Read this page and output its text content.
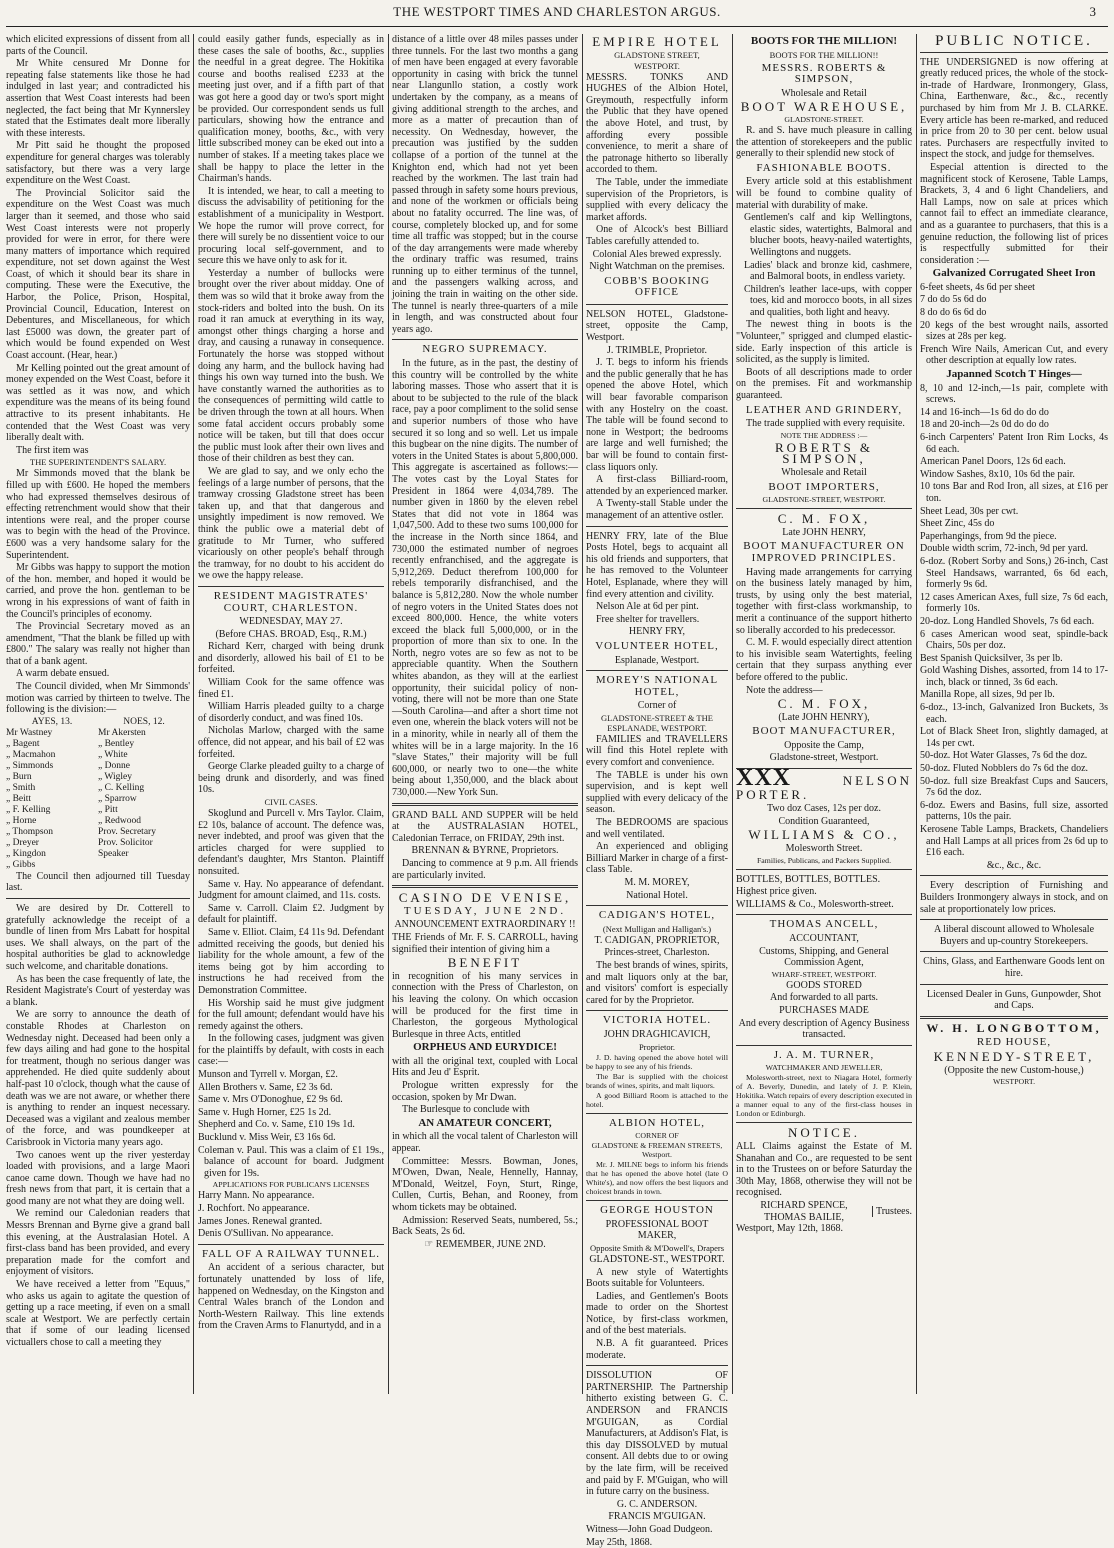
THE WESTPORT TIMES AND CHARLESTON ARGUS.	3

which elicited expressions of dissent from all parts of the Council.

Mr White censured Mr Donne for repeating false statements like those he had indulged in last year; and contradicted his assertion that West Coast interests had been neglected, the fact being that Mr Kynnersley stated that the Estimates dealt more liberally with these interests.

Mr Pitt said he thought the proposed expenditure for general charges was tolerably satisfactory, but there was a very large expenditure on the West Coast.

The Provincial Solicitor said the expenditure on the West Coast was much larger than it seemed, and those who said West Coast interests were not properly provided for were in error, for there were many matters of importance which required expenditure, not set down against the West Coast, of which it should bear its share in computing. These were the Executive, the Harbor, the Police, Prison, Hospital, Provincial Council, Education, Interest on Debentures, and Miscellaneous, for which last £5000 was down, the greater part of which would be found expended on West Coast account. (Hear, hear.)

Mr Kelling pointed out the great amount of money expended on the West Coast, before it was settled as it was now, and which expenditure was the means of its being found attractive to its present inhabitants. He contended that the West Coast was very liberally dealt with.

The first item was

THE SUPERINTENDENT'S SALARY.

Mr Simmonds moved that the blank be filled up with £600. He hoped the members who had expressed themselves desirous of effecting retrenchment would show that their intentions were real, and the proper course was to begin with the head of the Province. £600 was a very handsome salary for the Superintendent.

Mr Gibbs was happy to support the motion of the hon. member, and hoped it would be carried, and prove the hon. gentleman to be wrong in his expressions of want of faith in the Council's principles of economy.

The Provincial Secretary moved as an amendment, "That the blank be filled up with £800." The salary was really not higher than that of a bank agent.

A warm debate ensued.

The Council divided, when Mr Simmonds' motion was carried by thirteen to twelve. The following is the division:—

AYES, 13.
Mr Wastney
„ Bagent
„ Macmahon
„ Simmonds
„ Burn
„ Smith
„ Beitt
„ F. Kelling
„ Horne
„ Thompson
„ Dreyer
„ Kingdon
„ Gibbs
NOES, 12.
Mr Akersten
„ Bentley
„ White
„ Donne
„ Wigley
„ C. Kelling
„ Sparrow
„ Pitt
„ Redwood
Prov. Secretary
Prov. Solicitor
Speaker

The Council then adjourned till Tuesday last.

We are desired by Dr. Cotterell to gratefully acknowledge the receipt of a bundle of linen from Mrs Labatt for hospital uses. We shall always, on the part of the hospital authorities be glad to acknowledge such welcome, and charitable donations.

As has been the case frequently of late, the Resident Magistrate's Court of yesterday was a blank.

We are sorry to announce the death of constable Rhodes at Charleston on Wednesday night. Deceased had been only a few days ailing and had gone to the hospital for treatment, though no serious danger was apprehended. He died quite suddenly about half-past 10 o'clock, though what the cause of death was we are not aware, or whether there is anything to render an inquest necessary. Deceased was a vigilant and zealous member of the force, and was poundkeeper at Carisbrook in Victoria many years ago.

Two canoes went up the river yesterday loaded with provisions, and a large Maori canoe came down. Though we have had no fresh news from that part, it is certain that a good many are not what they are doing well.

We remind our Caledonian readers that Messrs Brennan and Byrne give a grand ball this evening, at the Australasian Hotel. A first-class band has been provided, and every preparation made for the comfort and enjoyment of visitors.

We have received a letter from "Equus," who asks us again to agitate the question of getting up a race meeting, if even on a small scale at Westport. We are perfectly certain that if some of our leading licensed victuallers chose to call a meeting they

could easily gather funds, especially as in these cases the sale of booths, &c., supplies the needful in a great degree. The Hokitika course and booths realised £233 at the meeting just over, and if a fifth part of that was got here a good day or two's sport might be provided. Our correspondent sends us full particulars, showing how the entrance and qualification money, booths, &c., with very little subscribed money can be eked out into a number of stakes. If a meeting takes place we shall be happy to place the letter in the Chairman's hands.

It is intended, we hear, to call a meeting to discuss the advisability of petitioning for the establishment of a municipality in Westport. We hope the rumor will prove correct, for there will surely be no dissentient voice to our procuring local self-government, and to secure this we have only to ask for it.

Yesterday a number of bullocks were brought over the river about midday. One of them was so wild that it broke away from the stock-riders and bolted into the bush. On its road it ran amuck at everything in its way, amongst other things charging a horse and dray, and causing a runaway in consequence. Fortunately the horse was stopped without doing any harm, and the bullock having had things his own way turned into the bush. We have constantly warned the authorities as to the consequences of permitting wild cattle to be driven through the town at all hours. When some fatal accident occurs probably some notice will be taken, but till that does occur the public must look after their own lives and those of their children as best they can.

We are glad to say, and we only echo the feelings of a large number of persons, that the tramway crossing Gladstone street has been taken up, and that that dangerous and unsightly impediment is now removed. We think the public owe a material debt of gratitude to Mr Turner, who suffered vicariously on other people's behalf through the tramway, for no doubt to his accident do we owe the happy release.

RESIDENT MAGISTRATES' COURT, CHARLESTON.

WEDNESDAY, MAY 27.

(Before CHAS. BROAD, Esq., R.M.)

Richard Kerr, charged with being drunk and disorderly, allowed his bail of £1 to be forfeited.

William Cook for the same offence was fined £1.

William Harris pleaded guilty to a charge of disorderly conduct, and was fined 10s.

Nicholas Marlow, charged with the same offence, did not appear, and his bail of £2 was forfeited.

George Clarke pleaded guilty to a charge of being drunk and disorderly, and was fined 10s.

CIVIL CASES.

Skoglund and Purcell v. Mrs Taylor. Claim, £2 10s, balance of account. The defence was, never indebted, and proof was given that the articles charged for were supplied to defendant's daughter, Mrs Stanton. Plaintiff nonsuited.

Same v. Hay. No appearance of defendant. Judgment for amount claimed, and 11s. costs.

Same v. Carroll. Claim £2. Judgment by default for plaintiff.

Same v. Elliot. Claim, £4 11s 9d. Defendant admitted receiving the goods, but denied his liability for the whole amount, a few of the items being got by him according to instructions he had received from the Demonstration Committee.

His Worship said he must give judgment for the full amount; defendant would have his remedy against the others.

In the following cases, judgment was given for the plaintiffs by default, with costs in each case:—

Munson and Tyrrell v. Morgan, £2.

Allen Brothers v. Same, £2 3s 6d.

Same v. Mrs O'Donoghue, £2 9s 6d.

Same v. Hugh Horner, £25 1s 2d.

Shepherd and Co. v. Same, £10 19s 1d.

Bucklund v. Miss Weir, £3 16s 6d.

Coleman v. Paul. This was a claim of £1 19s., balance of account for board. Judgment given for 19s.

APPLICATIONS FOR PUBLICAN'S LICENSES

Harry Mann. No appearance.

J. Rochfort. No appearance.

James Jones. Renewal granted.

Denis O'Sullivan. No appearance.

FALL OF A RAILWAY TUNNEL.

An accident of a serious character, but fortunately unattended by loss of life, happened on Wednesday, on the Kingston and Central Wales branch of the London and North-Western Railway. This line extends from the Craven Arms to Flanurtydd, and in a

distance of a little over 48 miles passes under three tunnels. For the last two months a gang of men have been engaged at every favorable opportunity in casing with brick the tunnel near Llangunllo station, a costly work undertaken by the company, as a means of giving additional strength to the arches, and more as a matter of precaution than of necessity. On Wednesday, however, the precaution was justified by the sudden collapse of a portion of the tunnel at the Knighton end, which had not yet been reached by the workmen. The last train had passed through in safety some hours previous, and none of the workmen or officials being about no fatality occurred. The line was, of course, completely blocked up, and for some time all traffic was stopped; but in the course of the day arrangements were made whereby the ordinary traffic was resumed, trains running up to either terminus of the tunnel, and the passengers walking across, and joining the train in waiting on the other side. The tunnel is nearly three-quarters of a mile in length, and was constructed about four years ago.

NEGRO SUPREMACY.

In the future, as in the past, the destiny of this country will be controlled by the white laboring masses. Those who assert that it is about to be subjected to the rule of the black race, pay a poor compliment to the solid sense and superior numbers of those who have secured it so long and so well. Let us impale this bugbear on the nine digits. The number of voters in the United States is about 5,800,000. This aggregate is ascertained as follows:—The votes cast by the Loyal States for President in 1864 were 4,034,789. The number given in 1860 by the eleven rebel States that did not vote in 1864 was 1,047,500. Add to these two sums 100,000 for the increase in the North since 1864, and 730,000 the estimated number of negroes recently enfranchised, and the aggregate is 5,912,269. Deduct therefrom 100,000 for rebels temporarily disfranchised, and the balance is 5,812,280. Now the whole number of negro voters in the United States does not exceed 800,000. Hence, the white voters exceed the black full 5,000,000, or in the proportion of more than six to one. In the North, negro votes are so few as not to be appreciable quantity. When the Southern whites abandon, as they will at the earliest opportunity, their suicidal policy of non-voting, there will not be more than one State—South Carolina—and after a short time not even one, wherein the black voters will not be in a minority, while in nearly all of them the whites will be in a large majority. In the 16 "slave States," their majority will be full 600,000, or nearly two to one—the white being about 1,350,000, and the black about 730,000.—New York Sun.

GRAND BALL AND SUPPER will be held at the AUSTRALASIAN HOTEL, Caledonian Terrace, on FRIDAY, 29th inst.

BRENNAN & BYRNE, Proprietors.

Dancing to commence at 9 p.m. All friends are particularly invited.

CASINO DE VENISE,

TUESDAY, JUNE 2ND.

ANNOUNCEMENT EXTRAORDINARY !!

THE Friends of Mr. F. S. CARROLL, having signified their intention of giving him a

BENEFIT

in recognition of his many services in connection with the Press of Charleston, on his leaving the colony. On which occasion will be produced for the first time in Charleston, the gorgeous Mythological Burlesque in three Acts, entitled

ORPHEUS AND EURYDICE!

with all the original text, coupled with Local Hits and Jeu d' Esprit.

Prologue written expressly for the occasion, spoken by Mr Dwan.

The Burlesque to conclude with

AN AMATEUR CONCERT,

in which all the vocal talent of Charleston will appear.

Committee: Messrs. Bowman, Jones, M'Owen, Dwan, Neale, Hennelly, Hannay, M'Donald, Weitzel, Foyn, Sturt, Ringe, Cullen, Curtis, Behan, and Rooney, from whom tickets may be obtained.

Admission: Reserved Seats, numbered, 5s.; Back Seats, 2s 6d.

☞ REMEMBER, JUNE 2ND.

EMPIRE HOTEL

GLADSTONE STREET,

WESTPORT.

MESSRS. TONKS AND HUGHES of the Albion Hotel, Greymouth, respectfully inform the Public that they have opened the above Hotel, and trust, by affording every possible convenience, to merit a share of the patronage hitherto so liberally accorded to them.

The Table, under the immediate supervision of the Proprietors, is supplied with every delicacy the market affords.

One of Alcock's best Billiard Tables carefully attended to.

Colonial Ales brewed expressly.

Night Watchman on the premises.

COBB'S BOOKING OFFICE

NELSON HOTEL, Gladstone-street, opposite the Camp, Westport.

J. TRIMBLE, Proprietor.

J. T. begs to inform his friends and the public generally that he has opened the above Hotel, which will bear favorable comparison with any Hostelry on the coast. The table will be found second to none in Westport; the bedrooms are large and well furnished; the bar will be found to contain first-class liquors only.

A first-class Billiard-room, attended by an experienced marker.

A Twenty-stall Stable under the management of an attentive ostler.

HENRY FRY, late of the Blue Posts Hotel, begs to acquaint all his old friends and supporters, that he has removed to the Volunteer Hotel, Esplanade, where they will find every attention and civility.

Nelson Ale at 6d per pint.

Free shelter for travellers.

HENRY FRY,

VOLUNTEER HOTEL,

Esplanade, Westport.

MOREY'S NATIONAL HOTEL,

Corner of

GLADSTONE-STREET & THE ESPLANADE, WESTPORT.

FAMILIES and TRAVELLERS will find this Hotel replete with every comfort and convenience.

The TABLE is under his own supervision, and is kept well supplied with every delicacy of the season.

The BEDROOMS are spacious and well ventilated.

An experienced and obliging Billiard Marker in charge of a first-class Table.

M. M. MOREY,

National Hotel.

CADIGAN'S HOTEL,

(Next Mulligan and Halligan's.)

T. CADIGAN, PROPRIETOR,

Princes-street, Charleston.

The best brands of wines, spirits, and malt liquors only at the bar, and visitors' comfort is especially cared for by the Proprietor.

VICTORIA HOTEL.

JOHN DRAGHICAVICH,

Proprietor.

J. D. having opened the above hotel will be happy to see any of his friends.

The Bar is supplied with the choicest brands of wines, spirits, and malt liquors.

A good Billiard Room is attached to the hotel.

ALBION HOTEL,

CORNER OF

GLADSTONE & FREEMAN STREETS, Westport.

Mr. J. MILNE begs to inform his friends that he has opened the above hotel (late O White's), and now offers the best liquors and choicest brands in town.

GEORGE HOUSTON

PROFESSIONAL BOOT MAKER,

Opposite Smith & M'Dowell's, Drapers

GLADSTONE-ST., WESTPORT.

A new style of Watertights Boots suitable for Volunteers.

Ladies, and Gentlemen's Boots made to order on the Shortest Notice, by first-class workmen, and of the best materials.

N.B. A fit guaranteed. Prices moderate.

DISSOLUTION OF PARTNERSHIP. The Partnership hitherto existing between G. C. ANDERSON and FRANCIS M'GUIGAN, as Cordial Manufacturers, at Addison's Flat, is this day DISSOLVED by mutual consent. All debts due to or owing by the late firm, will be received and paid by F. M'Guigan, who will in future carry on the business.

G. C. ANDERSON.

FRANCIS M'GUIGAN.

Witness—John Goad Dudgeon.

May 25th, 1868.

BOOTS FOR THE MILLION!

BOOTS FOR THE MILLION!!

MESSRS. ROBERTS & SIMPSON,

Wholesale and Retail

BOOT WAREHOUSE,

GLADSTONE-STREET.

R. and S. have much pleasure in calling the attention of storekeepers and the public generally to their splendid new stock of

FASHIONABLE BOOTS.

Every article sold at this establishment will be found to combine quality of material with durability of make.

Gentlemen's calf and kip Wellingtons, elastic sides, watertights, Balmoral and blucher boots, heavy-nailed watertights, Wellingtons and nuggets.

Ladies' black and bronze kid, cashmere, and Balmoral boots, in endless variety.

Children's leather lace-ups, with copper toes, kid and morocco boots, in all sizes and qualities, both light and heavy.

The newest thing in boots is the "Volunteer," sprigged and clumped elastic-side. Early inspection of this article is solicited, as the supply is limited.

Boots of all descriptions made to order on the premises. Fit and workmanship guaranteed.

LEATHER AND GRINDERY,

The trade supplied with every requisite.

NOTE THE ADDRESS :—

ROBERTS & SIMPSON,

Wholesale and Retail

BOOT IMPORTERS,

GLADSTONE-STREET, WESTPORT.

C. M. FOX,

Late JOHN HENRY,

BOOT MANUFACTURER ON IMPROVED PRINCIPLES.

Having made arrangements for carrying on the business lately managed by him, trusts, by using only the best material, together with first-class workmanship, to merit a continuance of the support hitherto so liberally accorded to his predecessor.

C. M. F. would especially direct attention to his invisible seam Watertights, feeling certain that they surpass anything ever before offered to the public.

Note the address—

C. M. FOX,

(Late JOHN HENRY),

BOOT MANUFACTURER,

Opposite the Camp,

Gladstone-street, Westport.

XXX	NELSON PORTER.

Two doz Cases, 12s per doz.

Condition Guaranteed,

WILLIAMS & CO.,

Molesworth Street.

Families, Publicans, and Packers Supplied.

BOTTLES, BOTTLES, BOTTLES.

Highest price given.

WILLIAMS & Co., Molesworth-street.

THOMAS ANCELL,

ACCOUNTANT,

Customs, Shipping, and General Commission Agent,

WHARF-STREET, WESTPORT.

GOODS STORED

And forwarded to all parts.

PURCHASES MADE

And every description of Agency Business transacted.

J. A. M. TURNER,

WATCHMAKER AND JEWELLER,

Molesworth-street, next to Niagara Hotel, formerly of A. Beverly, Dunedin, and lately of J. P. Klein, Hokitika. Watch repairs of every description executed in a manner equal to any of the first-class houses in London or Edinburgh.

NOTICE.

ALL Claims against the Estate of M. Shanahan and Co., are requested to be sent in to the Trustees on or before Saturday the 30th May, 1868, otherwise they will not be recognised.

RICHARD SPENCE,
THOMAS BAILIE,
Trustees.

Westport, May 12th, 1868.

PUBLIC NOTICE.

THE UNDERSIGNED is now offering at greatly reduced prices, the whole of the stock-in-trade of Hardware, Ironmongery, Glass, China, Earthenware, &c., &c., recently purchased by him from Mr J. B. CLARKE. Every article has been re-marked, and reduced in price from 20 to 30 per cent. below usual rates. Purchasers are respectfully invited to inspect the stock, and judge for themselves.

Especial attention is directed to the magnificent stock of Kerosene, Table Lamps, Brackets, 3, 4 and 6 light Chandeliers, and Hall Lamps, now on sale at prices which cannot fail to effect an immediate clearance, and as a guarantee to purchasers, that this is a genuine reduction, the following list of prices is respectfully submitted for their consideration :—

Galvanized Corrugated Sheet Iron

6-feet sheets, 4s 6d per sheet

7 do do 5s 6d do

8 do do 6s 6d do

20 kegs of the best wrought nails, assorted sizes at 28s per keg.

French Wire Nails, American Cut, and every other description at equally low rates.

Japanned Scotch T Hinges—

8, 10 and 12-inch,—1s pair, complete with screws.

14 and 16-inch—1s 6d do do do

18 and 20-inch—2s 0d do do do

6-inch Carpenters' Patent Iron Rim Locks, 4s 6d each.

American Panel Doors, 12s 6d each.

Window Sashes, 8x10, 10s 6d the pair.

10 tons Bar and Rod Iron, all sizes, at £16 per ton.

Sheet Lead, 30s per cwt.

Sheet Zinc, 45s do

Paperhangings, from 9d the piece.

Double width scrim, 72-inch, 9d per yard.

6-doz. (Robert Sorby and Sons,) 26-inch, Cast Steel Handsaws, warranted, 6s 6d each, formerly 9s 6d.

12 cases American Axes, full size, 7s 6d each, formerly 10s.

20-doz. Long Handled Shovels, 7s 6d each.

6 cases American wood seat, spindle-back Chairs, 50s per doz.

Best Spanish Quicksilver, 3s per lb.

Gold Washing Dishes, assorted, from 14 to 17-inch, black or tinned, 3s 6d each.

Manilla Rope, all sizes, 9d per lb.

6-doz., 13-inch, Galvanized Iron Buckets, 3s each.

Lot of Black Sheet Iron, slightly damaged, at 14s per cwt.

50-doz. Hot Water Glasses, 7s 6d the doz.

50-doz. Fluted Nobblers do 7s 6d the doz.

50-doz. full size Breakfast Cups and Saucers, 7s 6d the doz.

6-doz. Ewers and Basins, full size, assorted patterns, 10s the pair.

Kerosene Table Lamps, Brackets, Chandeliers and Hall Lamps at all prices from 2s 6d up to £16 each.

&c., &c., &c.

Every description of Furnishing and Builders Ironmongery always in stock, and on sale at proportionately low prices.

A liberal discount allowed to Wholesale Buyers and up-country Storekeepers.

Chins, Glass, and Earthenware Goods lent on hire.

Licensed Dealer in Guns, Gunpowder, Shot and Caps.

W. H. LONGBOTTOM,

RED HOUSE,

KENNEDY-STREET,

(Opposite the new Custom-house,)

WESTPORT.
